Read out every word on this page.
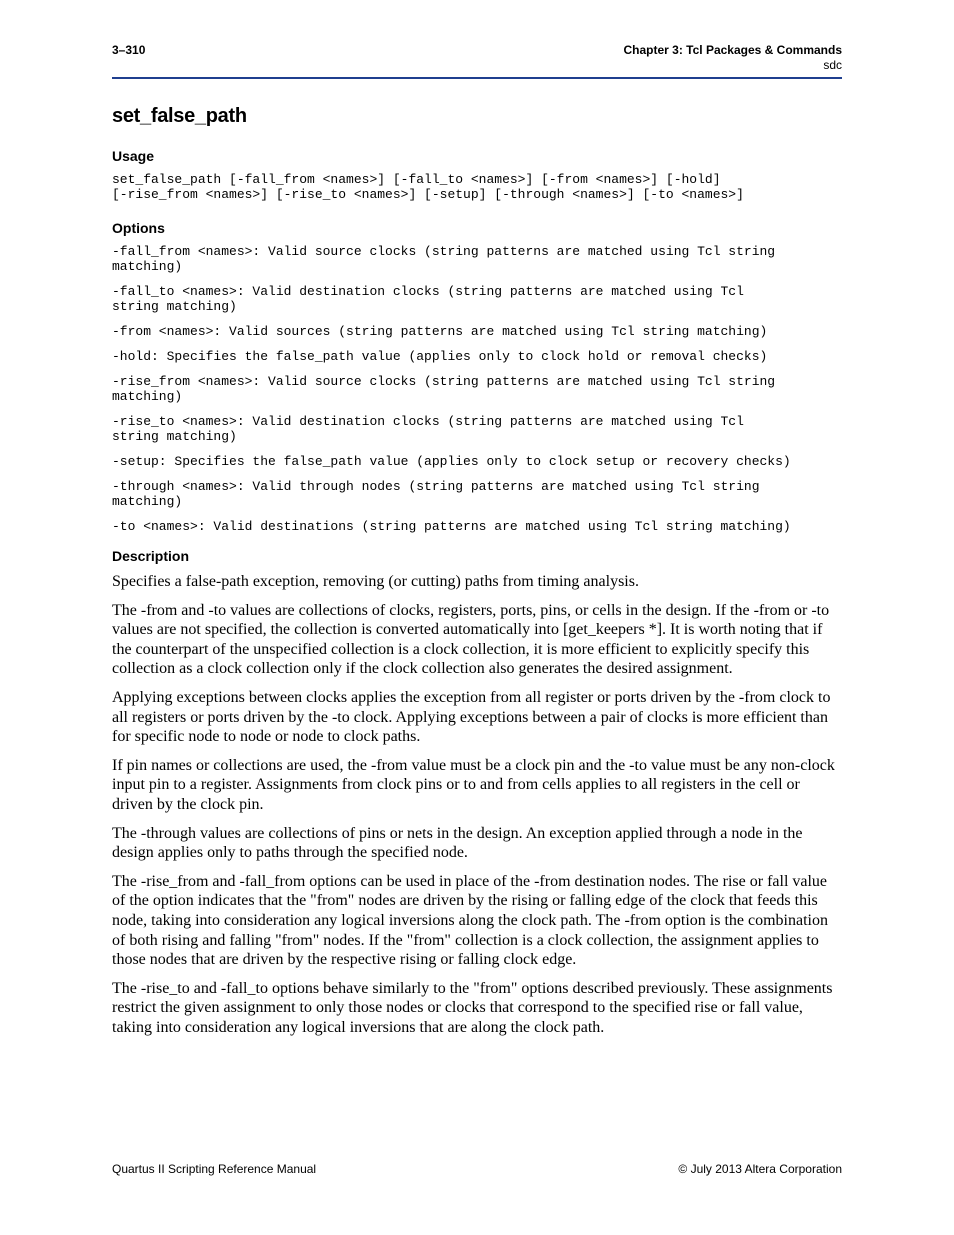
3–310	Chapter 3: Tcl Packages & Commands
sdc
set_false_path
Usage
set_false_path [-fall_from <names>] [-fall_to <names>] [-from <names>] [-hold]
[-rise_from <names>] [-rise_to <names>] [-setup] [-through <names>] [-to <names>]
Options
-fall_from <names>: Valid source clocks (string patterns are matched using Tcl string
matching)
-fall_to <names>: Valid destination clocks (string patterns are matched using Tcl
string matching)
-from <names>: Valid sources (string patterns are matched using Tcl string matching)
-hold: Specifies the false_path value (applies only to clock hold or removal checks)
-rise_from <names>: Valid source clocks (string patterns are matched using Tcl string
matching)
-rise_to <names>: Valid destination clocks (string patterns are matched using Tcl
string matching)
-setup: Specifies the false_path value (applies only to clock setup or recovery checks)
-through <names>: Valid through nodes (string patterns are matched using Tcl string
matching)
-to <names>: Valid destinations (string patterns are matched using Tcl string matching)
Description

Specifies a false-path exception, removing (or cutting) paths from timing analysis.

The -from and -to values are collections of clocks, registers, ports, pins, or cells in the design. If the -from or -to values are not specified, the collection is converted automatically into [get_keepers *]. It is worth noting that if the counterpart of the unspecified collection is a clock collection, it is more efficient to explicitly specify this collection as a clock collection only if the clock collection also generates the desired assignment.

Applying exceptions between clocks applies the exception from all register or ports driven by the -from clock to all registers or ports driven by the -to clock. Applying exceptions between a pair of clocks is more efficient than for specific node to node or node to clock paths.

If pin names or collections are used, the -from value must be a clock pin and the -to value must be any non-clock input pin to a register. Assignments from clock pins or to and from cells applies to all registers in the cell or driven by the clock pin.

The -through values are collections of pins or nets in the design. An exception applied through a node in the design applies only to paths through the specified node.

The -rise_from and -fall_from options can be used in place of the -from destination nodes. The rise or fall value of the option indicates that the "from" nodes are driven by the rising or falling edge of the clock that feeds this node, taking into consideration any logical inversions along the clock path. The -from option is the combination of both rising and falling "from" nodes. If the "from" collection is a clock collection, the assignment applies to those nodes that are driven by the respective rising or falling clock edge.

The -rise_to and -fall_to options behave similarly to the "from" options described previously. These assignments restrict the given assignment to only those nodes or clocks that correspond to the specified rise or fall value, taking into consideration any logical inversions that are along the clock path.

Quartus II Scripting Reference Manual	© July 2013 Altera Corporation
